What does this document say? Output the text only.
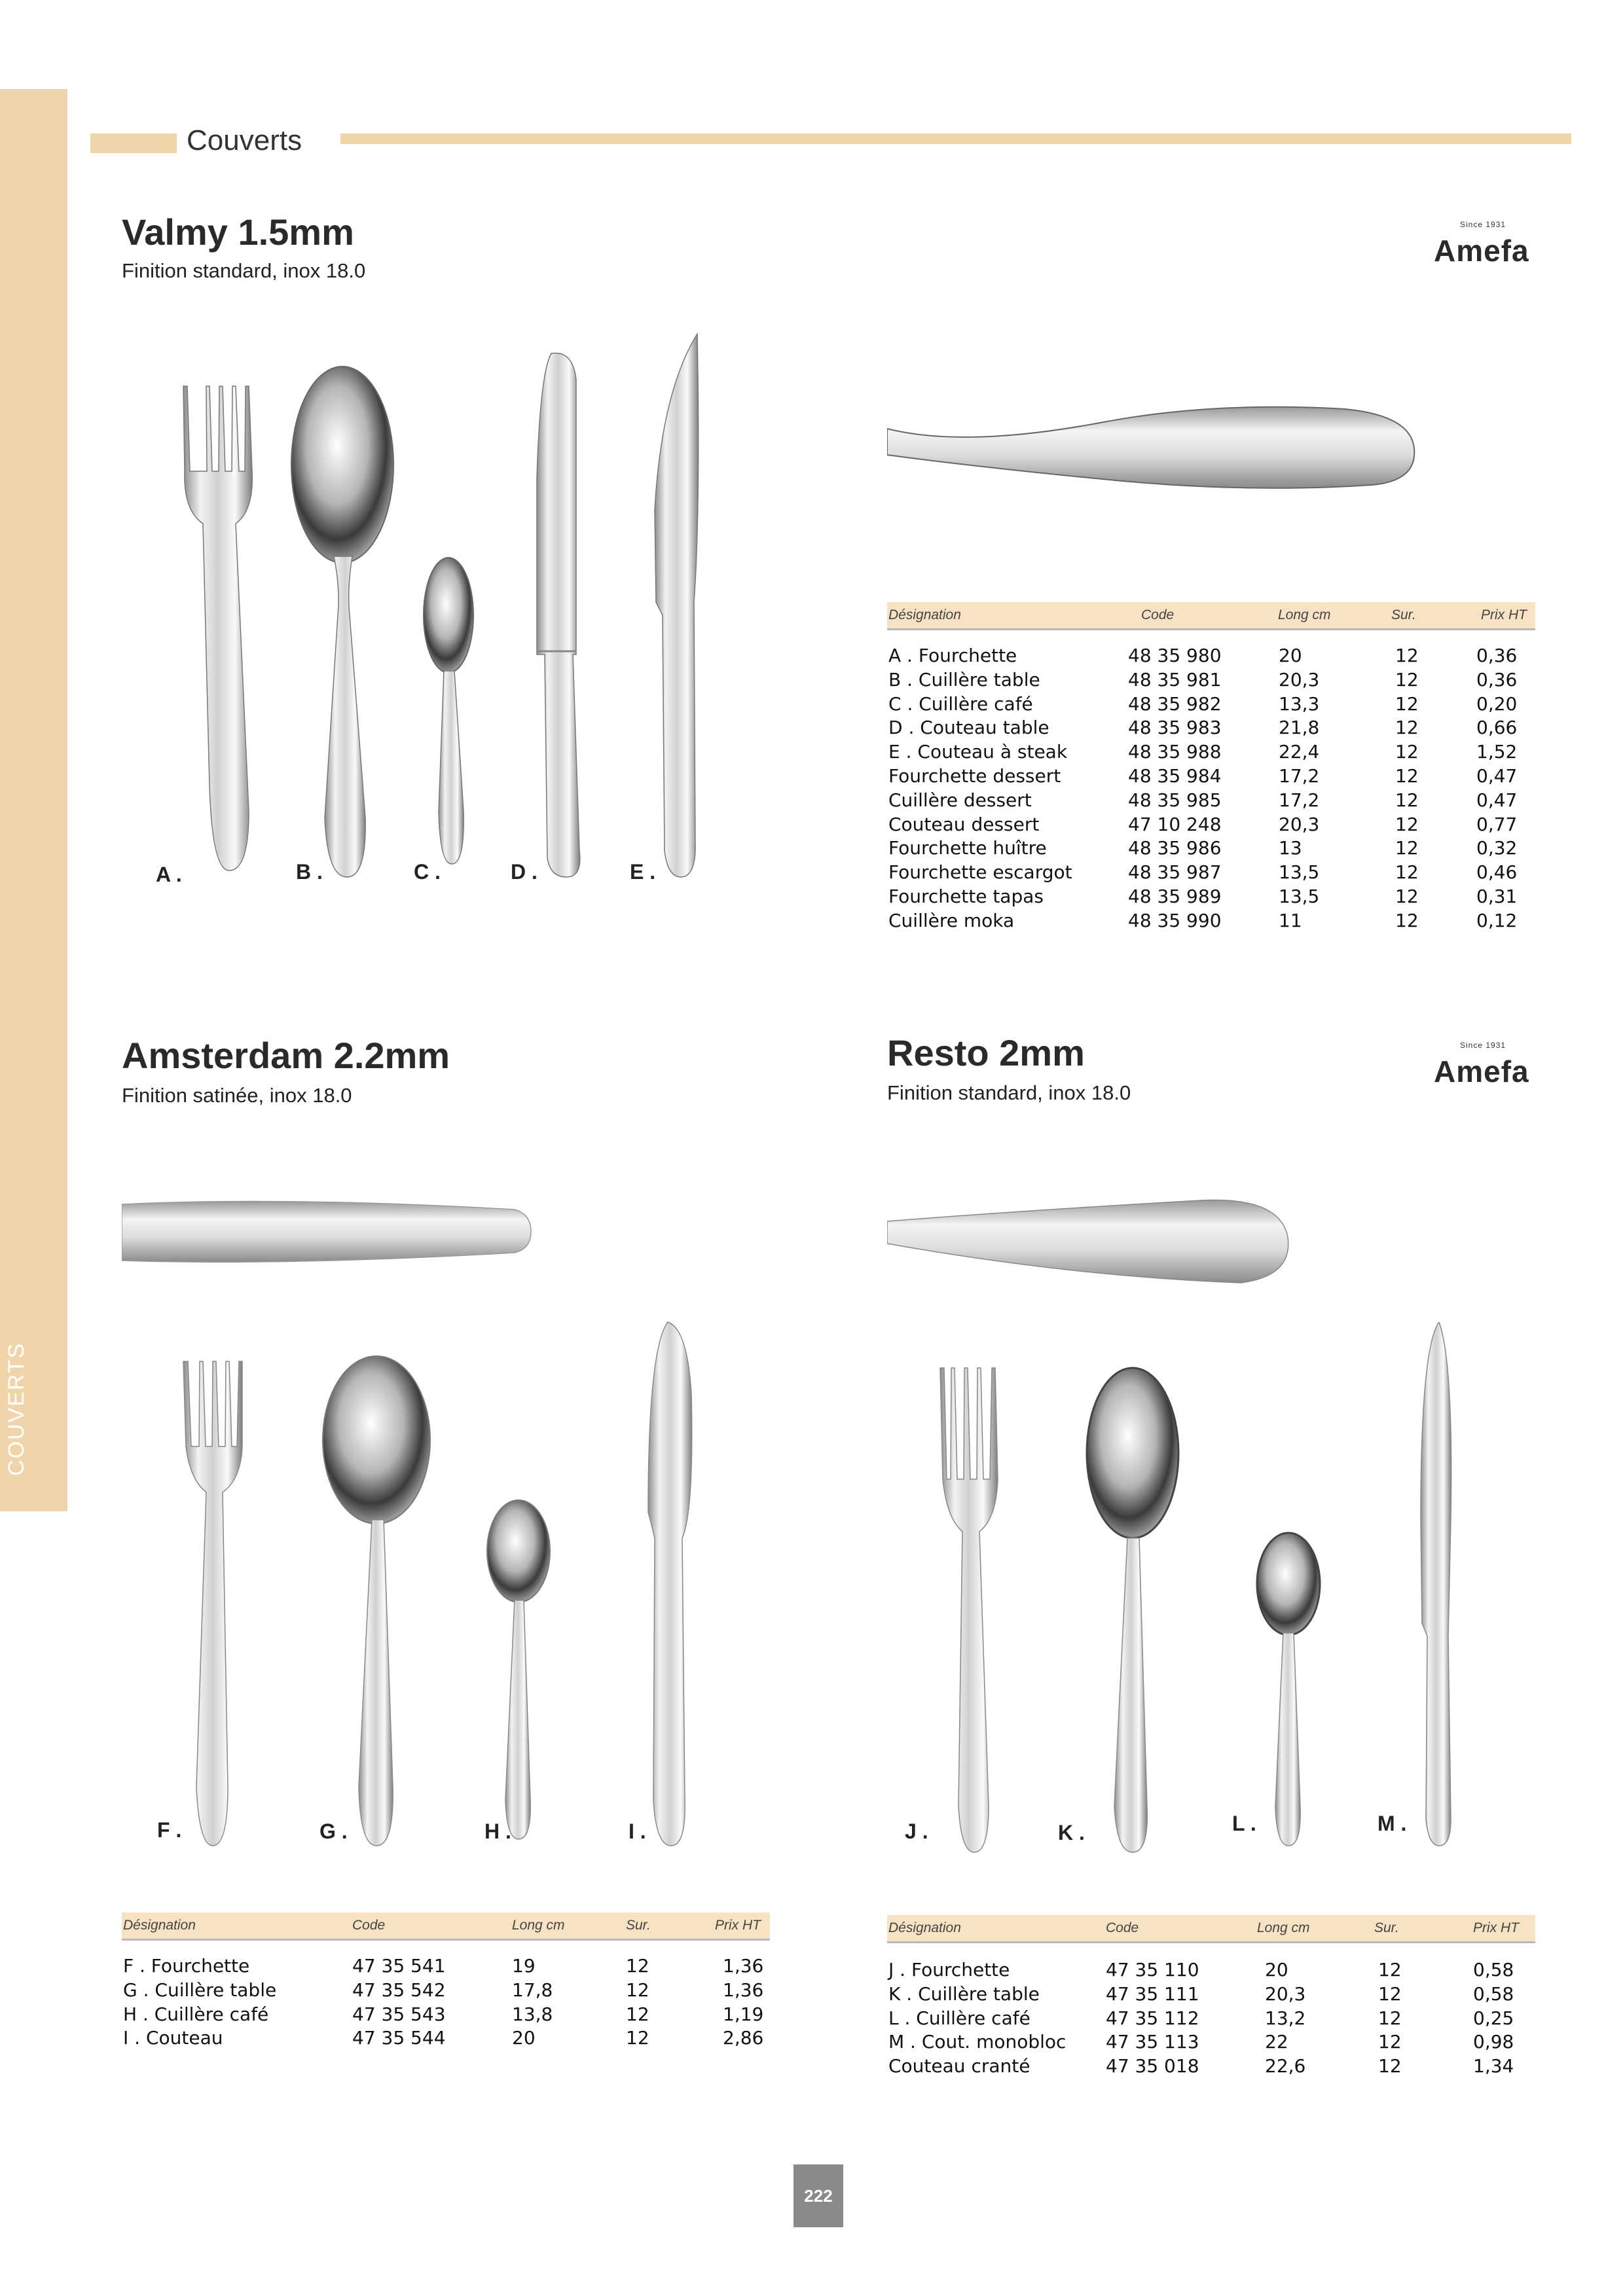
Couverts
Valmy 1.5mm
Finition standard, inox 18.0
Since 1931
Amefa
A .	B .	C .	D .	E .
Désignation	Code	Long cm	Sur.	Prix HT
A . Fourchette	48 35 980	20	12	0,36
B . Cuillère table	48 35 981	20,3	12	0,36
C . Cuillère café	48 35 982	13,3	12	0,20
D . Couteau table	48 35 983	21,8	12	0,66
E . Couteau à steak	48 35 988	22,4	12	1,52
Fourchette dessert	48 35 984	17,2	12	0,47
Cuillère dessert	48 35 985	17,2	12	0,47
Couteau dessert	47 10 248	20,3	12	0,77
Fourchette huître	48 35 986	13	12	0,32
Fourchette escargot	48 35 987	13,5	12	0,46
Fourchette tapas	48 35 989	13,5	12	0,31
Cuillère moka	48 35 990	11	12	0,12
Amsterdam 2.2mm
Finition satinée, inox 18.0
F .	G .	H .	I .
Désignation	Code	Long cm	Sur.	Prix HT
F . Fourchette	47 35 541	19	12	1,36
G . Cuillère table	47 35 542	17,8	12	1,36
H . Cuillère café	47 35 543	13,8	12	1,19
I . Couteau	47 35 544	20	12	2,86
Resto 2mm
Finition standard, inox 18.0
Since 1931
Amefa
J .	K .	L .	M .
Désignation	Code	Long cm	Sur.	Prix HT
J . Fourchette	47 35 110	20	12	0,58
K . Cuillère table	47 35 111	20,3	12	0,58
L . Cuillère café	47 35 112	13,2	12	0,25
M . Cout. monobloc 47 35 113	22	12	0,98
Couteau cranté	47 35 018	22,6	12	1,34
222
